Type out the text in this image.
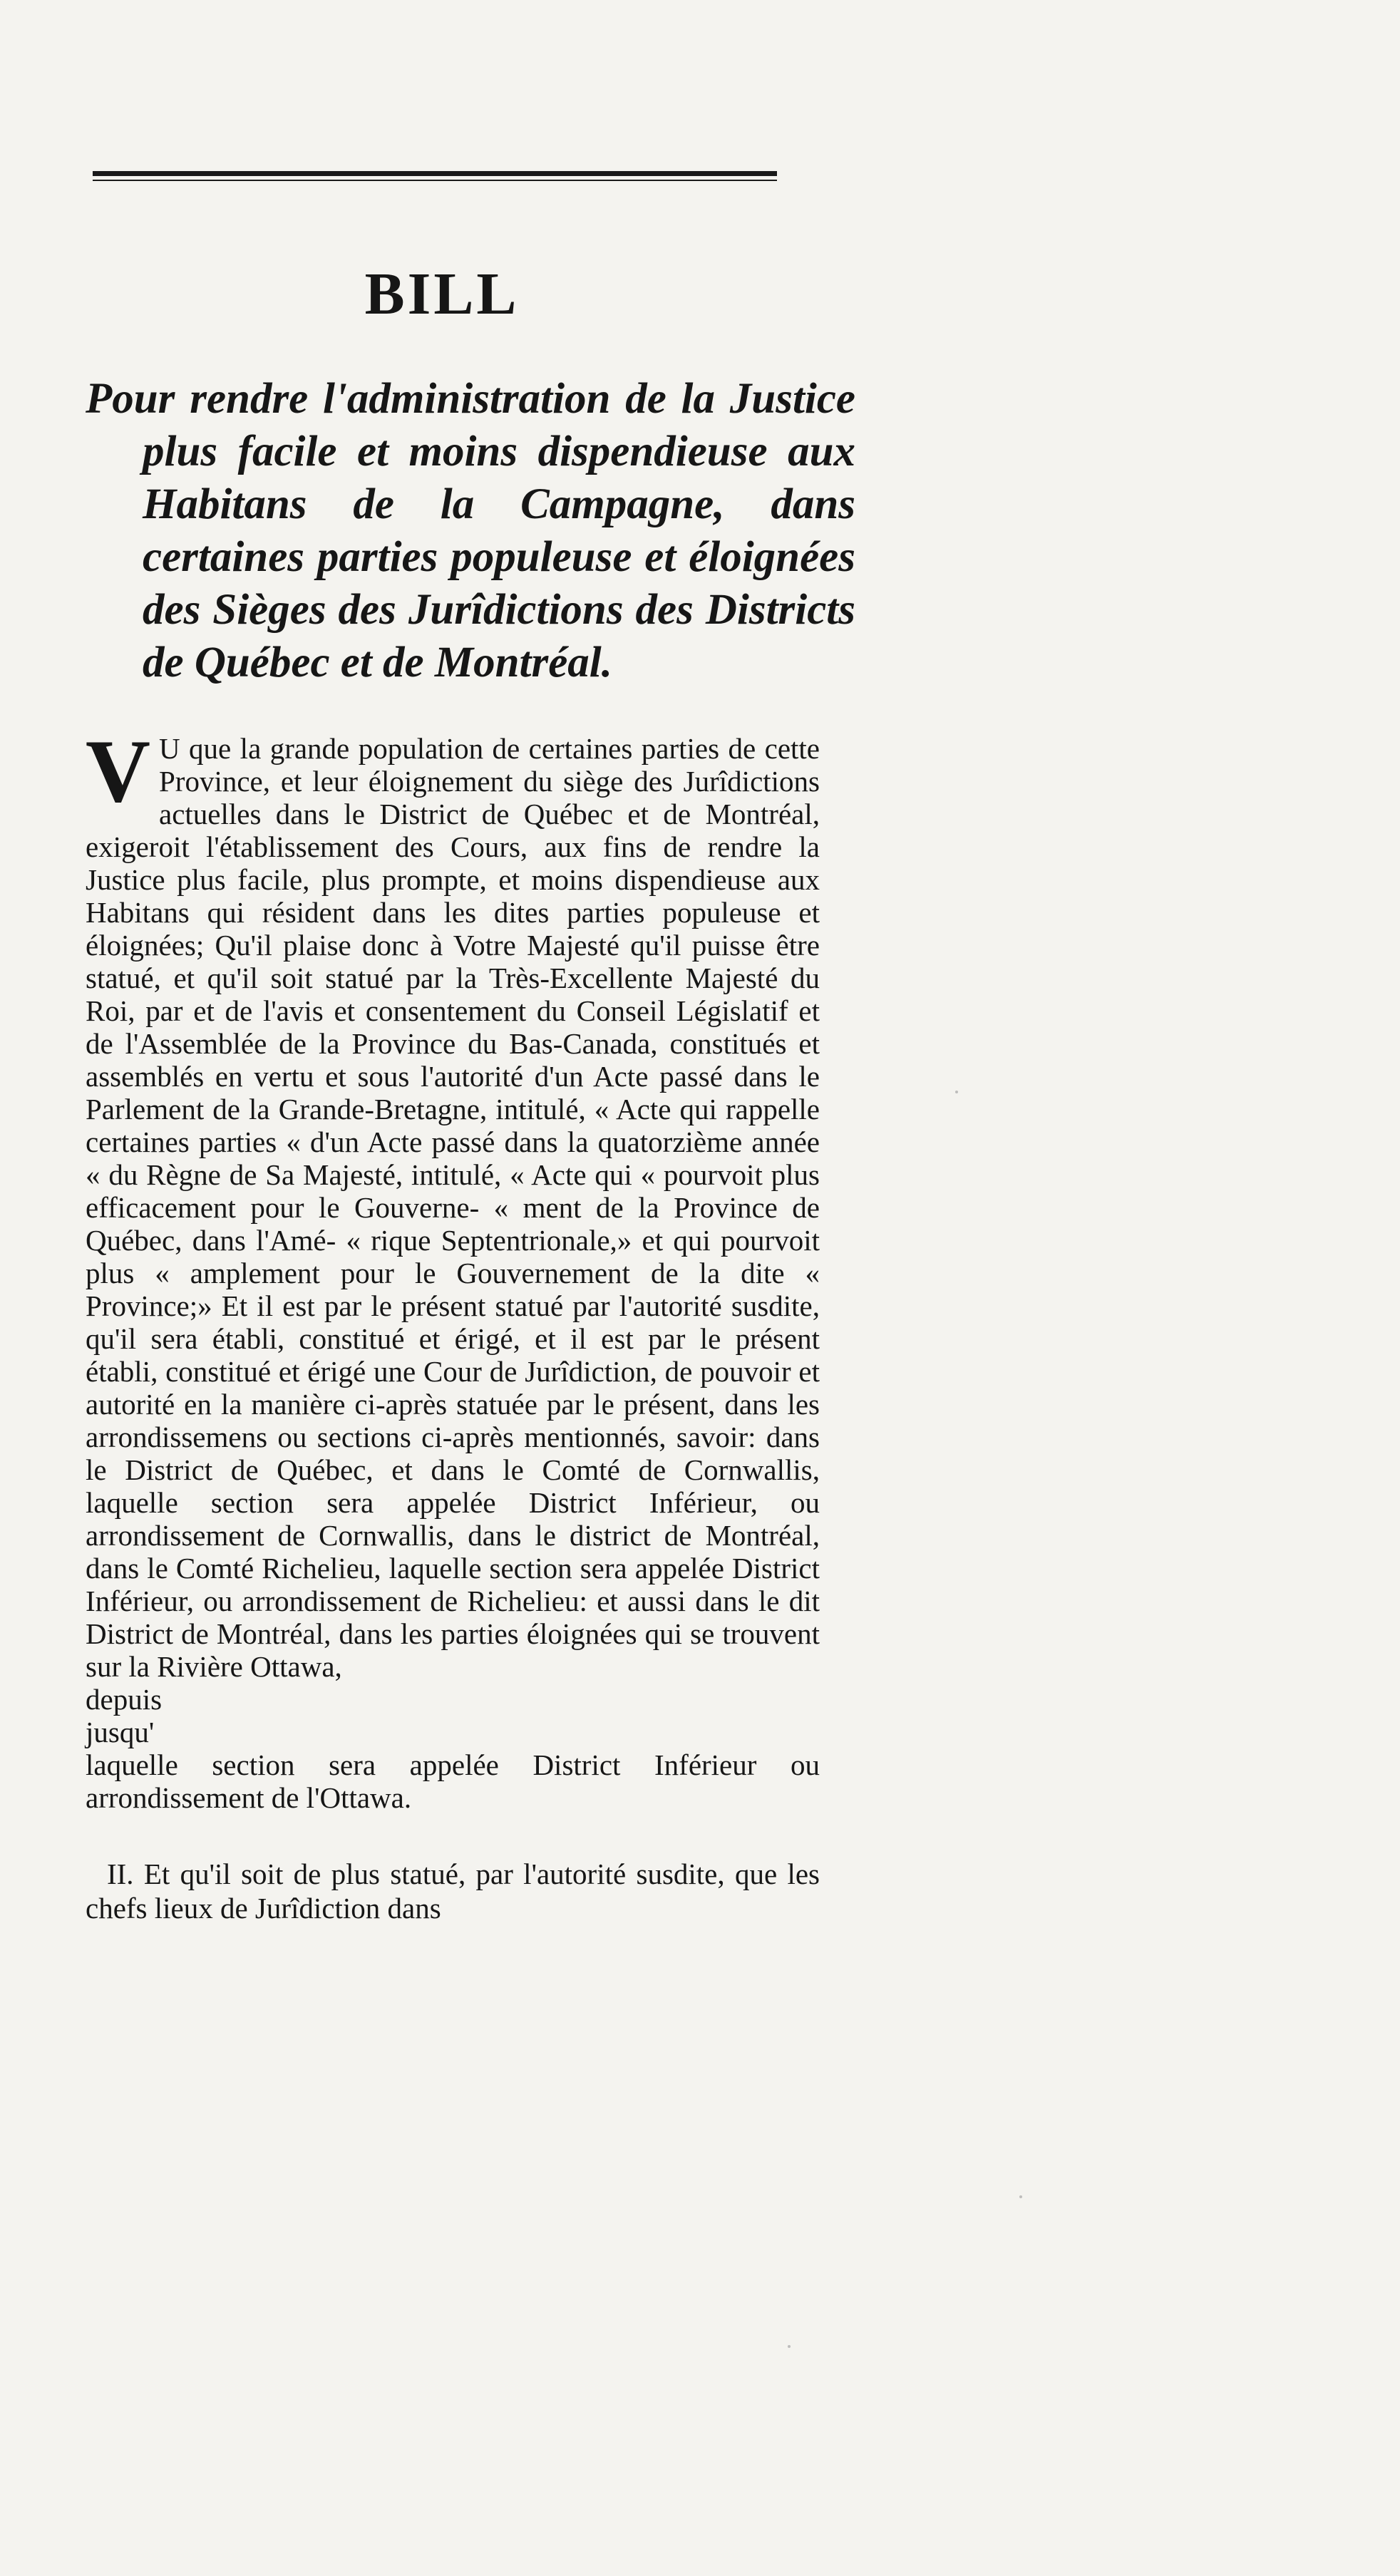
BILL
Pour rendre l'administration de la Justice plus facile et moins dispendieuse aux Habitans de la Campagne, dans certaines parties populeuse et éloignées des Sièges des Jurîdictions des Districts de Québec et de Montréal.

V U que la grande population de certaines parties de cette Province, et leur éloignement du siège des Jurîdictions actuelles dans le District de Québec et de Montréal, exigeroit l'établissement des Cours, aux fins de rendre la Justice plus facile, plus prompte, et moins dispendieuse aux Habitans qui résident dans les dites parties populeuse et éloignées; Qu'il plaise donc à Votre Majesté qu'il puisse être statué, et qu'il soit statué par la Très-Excellente Majesté du Roi, par et de l'avis et consentement du Conseil Législatif et de l'Assemblée de la Province du Bas-Canada, constitués et assemblés en vertu et sous l'autorité d'un Acte passé dans le Parlement de la Grande-Bretagne, intitulé, « Acte qui rappelle certaines parties « d'un Acte passé dans la quatorzième année « du Règne de Sa Majesté, intitulé, « Acte qui « pourvoit plus efficacement pour le Gouverne- « ment de la Province de Québec, dans l'Amé- « rique Septentrionale,» et qui pourvoit plus « amplement pour le Gouvernement de la dite « Province;» Et il est par le présent statué par l'autorité susdite, qu'il sera établi, constitué et érigé, et il est par le présent établi, constitué et érigé une Cour de Jurîdiction, de pouvoir et autorité en la manière ci-après statuée par le présent, dans les arrondissemens ou sections ci-après mentionnés, savoir: dans le District de Québec, et dans le Comté de Cornwallis, laquelle section sera appelée District Inférieur, ou arrondissement de Cornwallis, dans le district de Montréal, dans le Comté Richelieu, laquelle section sera appelée District Inférieur, ou arrondissement de Richelieu: et aussi dans le dit District de Montréal, dans les parties éloignées qui se trouvent sur la Rivière Ottawa,

depuis
jusqu'

laquelle section sera appelée District Inférieur ou arrondissement de l'Ottawa.

II. Et qu'il soit de plus statué, par l'autorité susdite, que les chefs lieux de Jurîdiction dans
